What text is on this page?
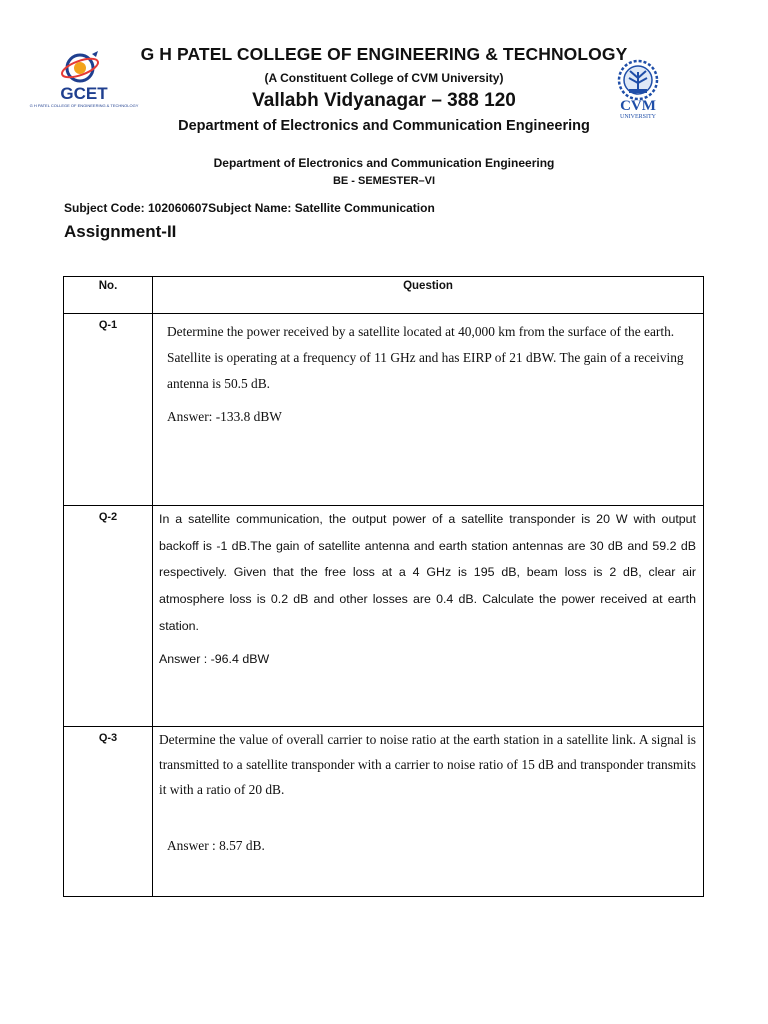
GCET
G H PATEL COLLEGE OF ENGINEERING & TECHNOLOGY	CVM
UNIVERSITY
G H PATEL COLLEGE OF ENGINEERING & TECHNOLOGY
(A Constituent College of CVM University)
Vallabh Vidyanagar – 388 120
Department of Electronics and Communication Engineering
Department of Electronics and Communication Engineering
BE - SEMESTER–VI
Subject Code: 102060607Subject Name: Satellite Communication
Assignment-II
No.	Question
Q-1	Determine the power received by a satellite located at 40,000 km from the surface of the earth. Satellite is operating at a frequency of 11 GHz and has EIRP of 21 dBW. The gain of a receiving antenna is 50.5 dB.

Answer: -133.8 dBW

Q-2	In a satellite communication, the output power of a satellite transponder is 20 W with output backoff is -1 dB.The gain of satellite antenna and earth station antennas are 30 dB and 59.2 dB respectively. Given that the free loss at a 4 GHz is 195 dB, beam loss is 2 dB, clear air atmosphere loss is 0.2 dB and other losses are 0.4 dB. Calculate the power received at earth station.

Answer : -96.4 dBW

Q-3	Determine the value of overall carrier to noise ratio at the earth station in a satellite link. A signal is transmitted to a satellite transponder with a carrier to noise ratio of 15 dB and transponder transmits it with a ratio of 20 dB.

Answer : 8.57 dB.
